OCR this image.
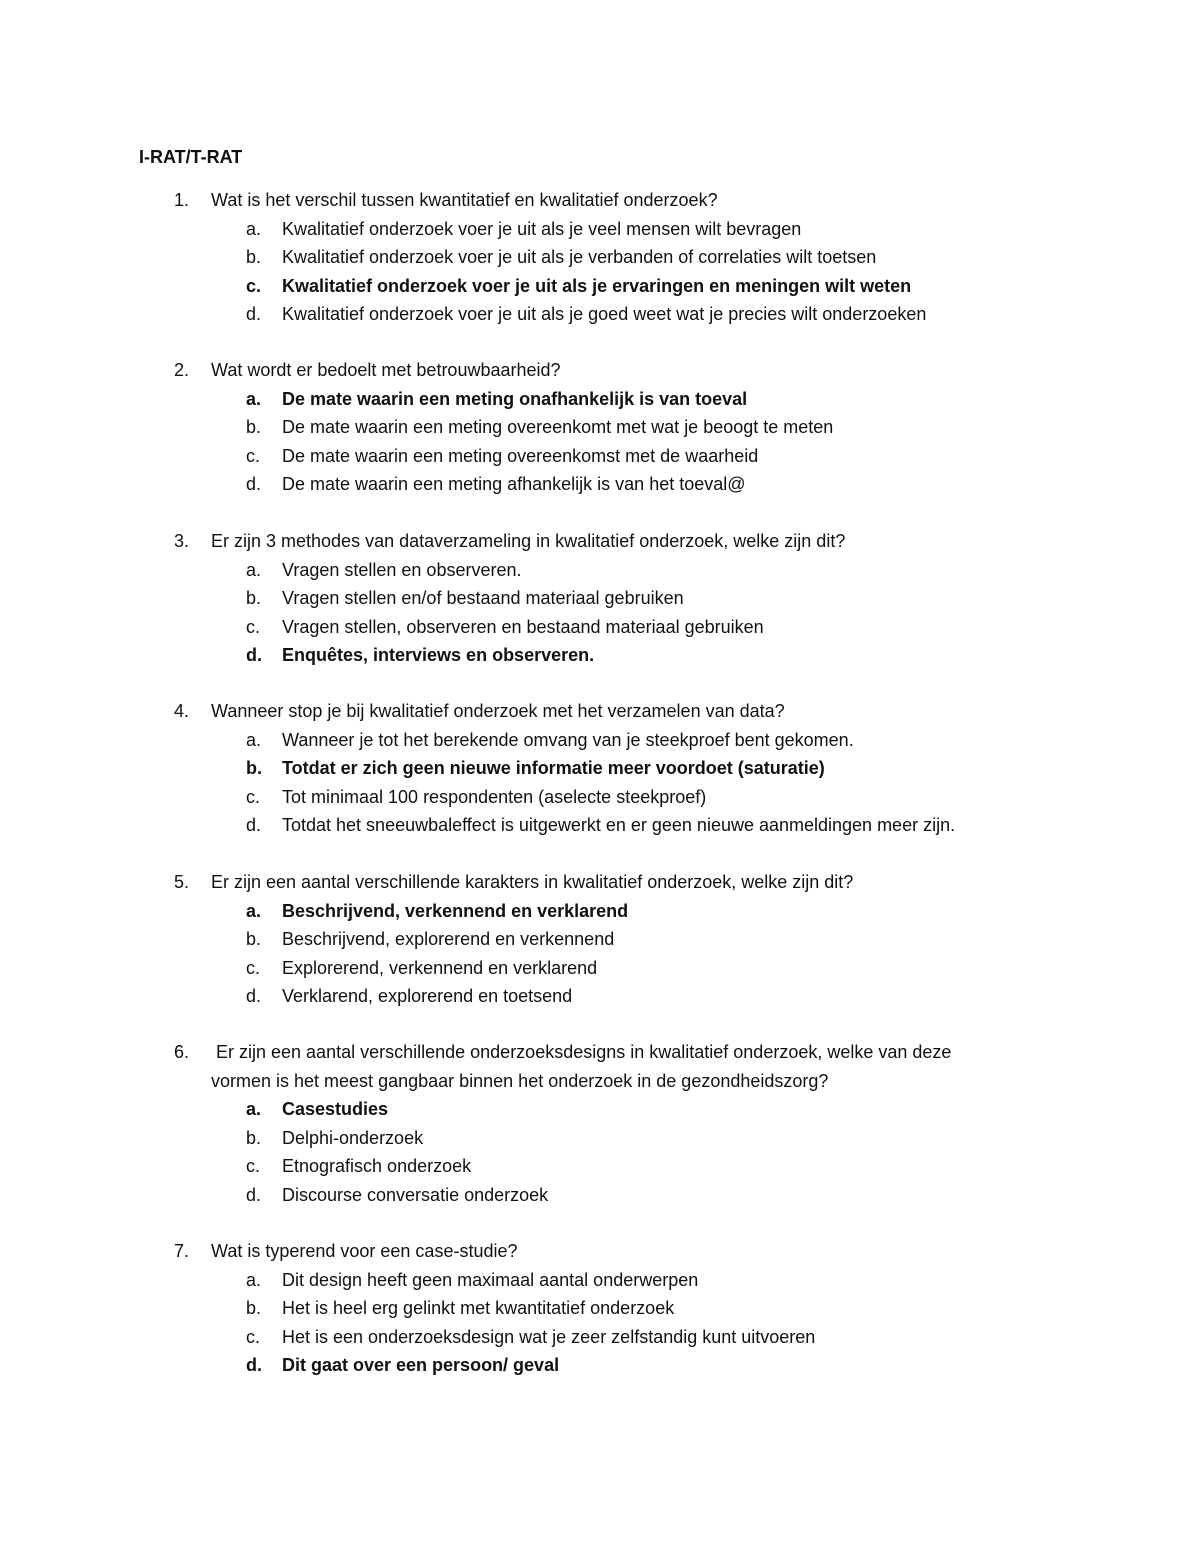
I-RAT/T-RAT
1. Wat is het verschil tussen kwantitatief en kwalitatief onderzoek?
a. Kwalitatief onderzoek voer je uit als je veel mensen wilt bevragen
b. Kwalitatief onderzoek voer je uit als je verbanden of correlaties wilt toetsen
c. Kwalitatief onderzoek voer je uit als je ervaringen en meningen wilt weten
d. Kwalitatief onderzoek voer je uit als je goed weet wat je precies wilt onderzoeken
2. Wat wordt er bedoelt met betrouwbaarheid?
a. De mate waarin een meting onafhankelijk is van toeval
b. De mate waarin een meting overeenkomt met wat je beoogt te meten
c. De mate waarin een meting overeenkomst met de waarheid
d. De mate waarin een meting afhankelijk is van het toeval@
3. Er zijn 3 methodes van dataverzameling in kwalitatief onderzoek, welke zijn dit?
a. Vragen stellen en observeren.
b. Vragen stellen en/of bestaand materiaal gebruiken
c. Vragen stellen, observeren en bestaand materiaal gebruiken
d. Enquêtes, interviews en observeren.
4. Wanneer stop je bij kwalitatief onderzoek met het verzamelen van data?
a. Wanneer je tot het berekende omvang van je steekproef bent gekomen.
b. Totdat er zich geen nieuwe informatie meer voordoet (saturatie)
c. Tot minimaal 100 respondenten (aselecte steekproef)
d. Totdat het sneeuwbaleffect is uitgewerkt en er geen nieuwe aanmeldingen meer zijn.
5. Er zijn een aantal verschillende karakters in kwalitatief onderzoek, welke zijn dit?
a. Beschrijvend, verkennend en verklarend
b. Beschrijvend, explorerend en verkennend
c. Explorerend, verkennend en verklarend
d. Verklarend, explorerend en toetsend
6. Er zijn een aantal verschillende onderzoeksdesigns in kwalitatief onderzoek, welke van deze
vormen is het meest gangbaar binnen het onderzoek in de gezondheidszorg?
a. Casestudies
b. Delphi-onderzoek
c. Etnografisch onderzoek
d. Discourse conversatie onderzoek
7. Wat is typerend voor een case-studie?
a. Dit design heeft geen maximaal aantal onderwerpen
b. Het is heel erg gelinkt met kwantitatief onderzoek
c. Het is een onderzoeksdesign wat je zeer zelfstandig kunt uitvoeren
d. Dit gaat over een persoon/ geval
